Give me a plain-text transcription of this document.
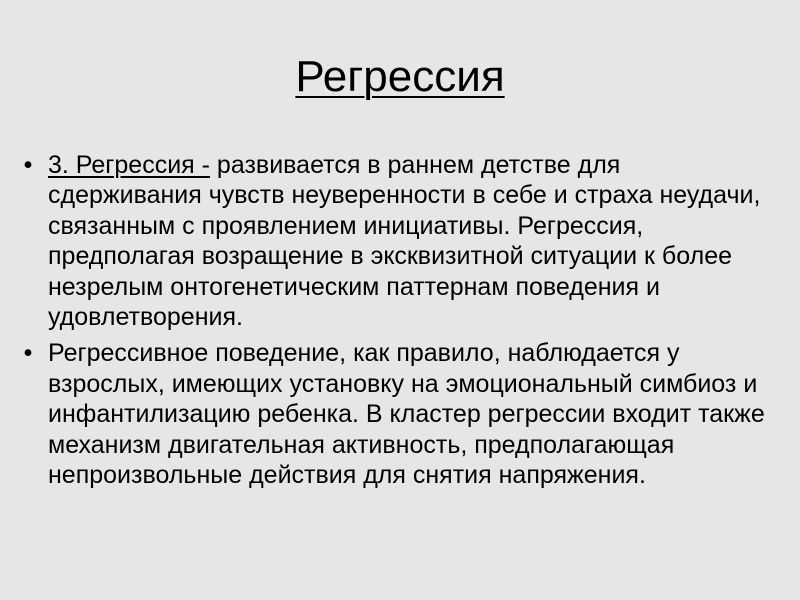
Регрессия
• 3. Регрессия - развивается в раннем детстве для сдерживания чувств неуверенности в себе и страха неудачи, связанным с проявлением инициативы. Регрессия, предполагая возращение в экcквизитной ситуации к более незрелым онтогенетическим паттернам поведения и удовлетворения.
• Регрессивное поведение, как правило, наблюдается у взрослых, имеющих установку на эмоциональный симбиоз и инфантилизацию ребенка. В кластер регрессии входит также механизм двигательная активность, предполагающая непроизвольные действия для снятия напряжения.
